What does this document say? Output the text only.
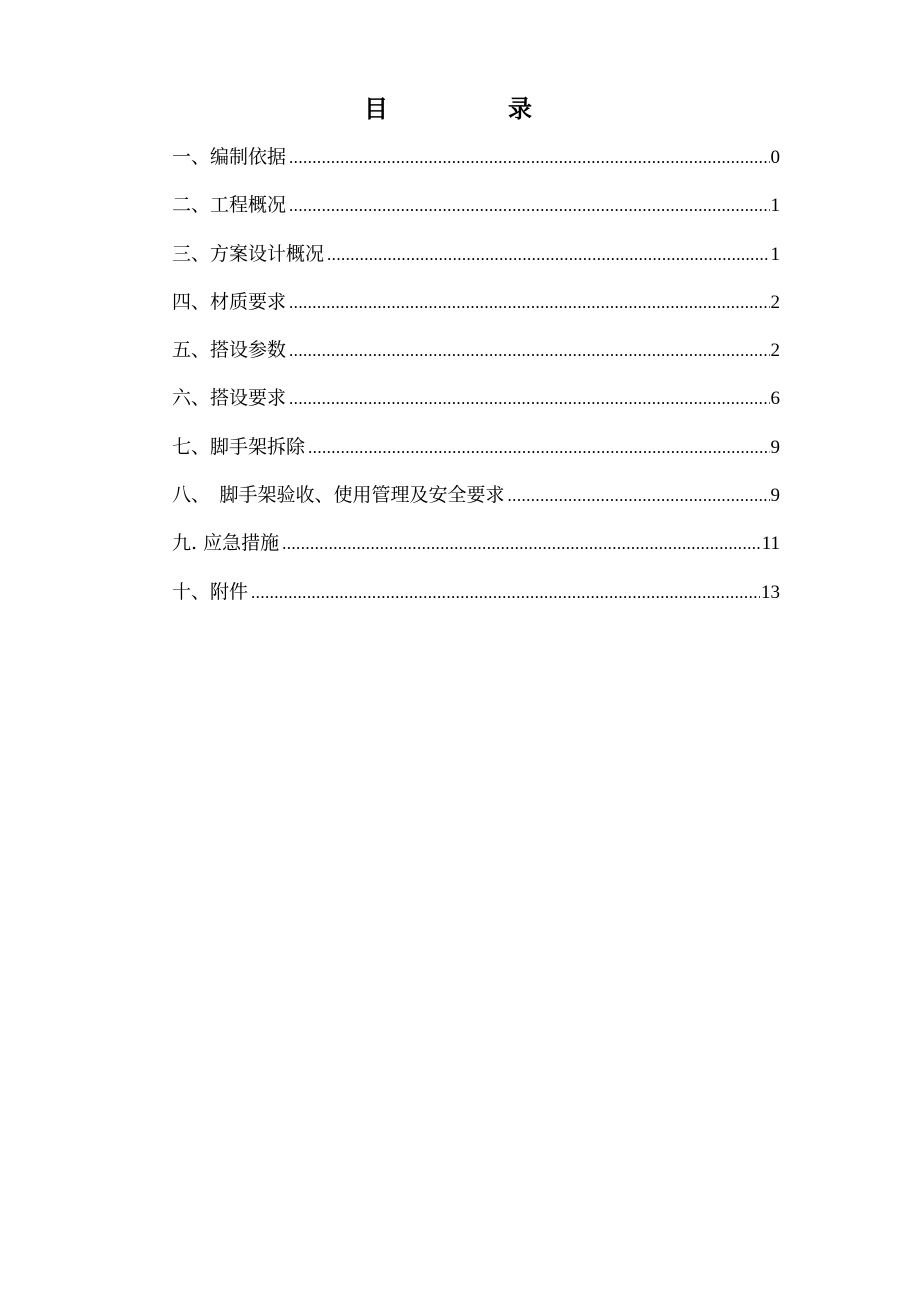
目　录
一、编制依据 .....	0
二、工程概况 .....	1
三、方案设计概况 .....	1
四、材质要求 .....	2
五、搭设参数 .....	2
六、搭设要求 .....	6
七、脚手架拆除 .....	9
八、　脚手架验收、使用管理及安全要求 .....	9
九. 应急措施 .....	11
十、附件 .....	13
